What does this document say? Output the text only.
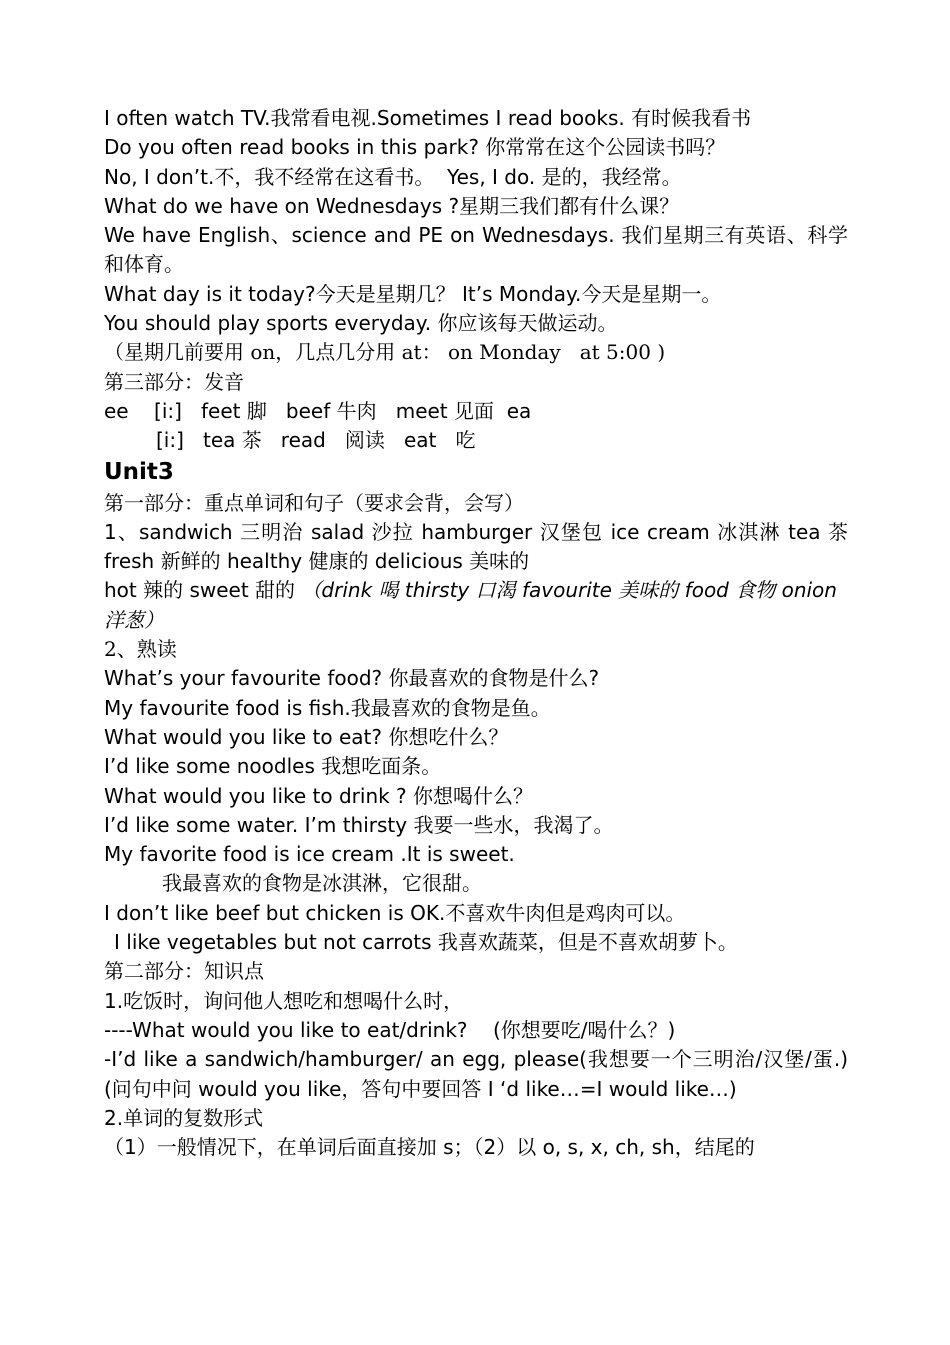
I often watch TV.我常看电视.Sometimes I read books. 有时候我看书
Do you often read books in this park? 你常常在这个公园读书吗？
No, I don’t.不，我不经常在这看书。  Yes, I do. 是的，我经常。
What do we have on Wednesdays ?星期三我们都有什么课？
We have English、science and PE on Wednesdays. 我们星期三有英语、科学和体育。
What day is it today?今天是星期几？ It’s Monday.今天是星期一。
You should play sports everyday. 你应该每天做运动。
（星期几前要用 on，几点几分用 at： on Monday   at 5:00 )
第三部分：发音
ee    [i:]   feet 脚   beef 牛肉   meet 见面  ea
[i:]   tea 茶   read   阅读   eat   吃
Unit3
第一部分：重点单词和句子（要求会背，会写）
1、sandwich 三明治 salad 沙拉 hamburger 汉堡包 ice cream 冰淇淋 tea 茶 fresh 新鲜的 healthy 健康的 delicious 美味的
hot 辣的 sweet 甜的 （drink 喝 thirsty 口渴 favourite 美味的 food 食物 onion 洋葱）
2、熟读
What’s your favourite food? 你最喜欢的食物是什么?
My favourite food is fish.我最喜欢的食物是鱼。
What would you like to eat? 你想吃什么？
I’d like some noodles 我想吃面条。
What would you like to drink ? 你想喝什么？
I’d like some water. I’m thirsty 我要一些水，我渴了。
My favorite food is ice cream .It is sweet.
我最喜欢的食物是冰淇淋，它很甜。
I don’t like beef but chicken is OK.不喜欢牛肉但是鸡肉可以。
I like vegetables but not carrots 我喜欢蔬菜，但是不喜欢胡萝卜。
第二部分：知识点
1.吃饭时，询问他人想吃和想喝什么时，
----What would you like to eat/drink?    (你想要吃/喝什么？)
-I’d like a sandwich/hamburger/ an egg, please(我想要一个三明治/汉堡/蛋.) (问句中问 would you like，答句中要回答 I ‘d like…=I would like…)
2.单词的复数形式
（1）一般情况下，在单词后面直接加 s；（2）以 o, s, x, ch, sh，结尾的
